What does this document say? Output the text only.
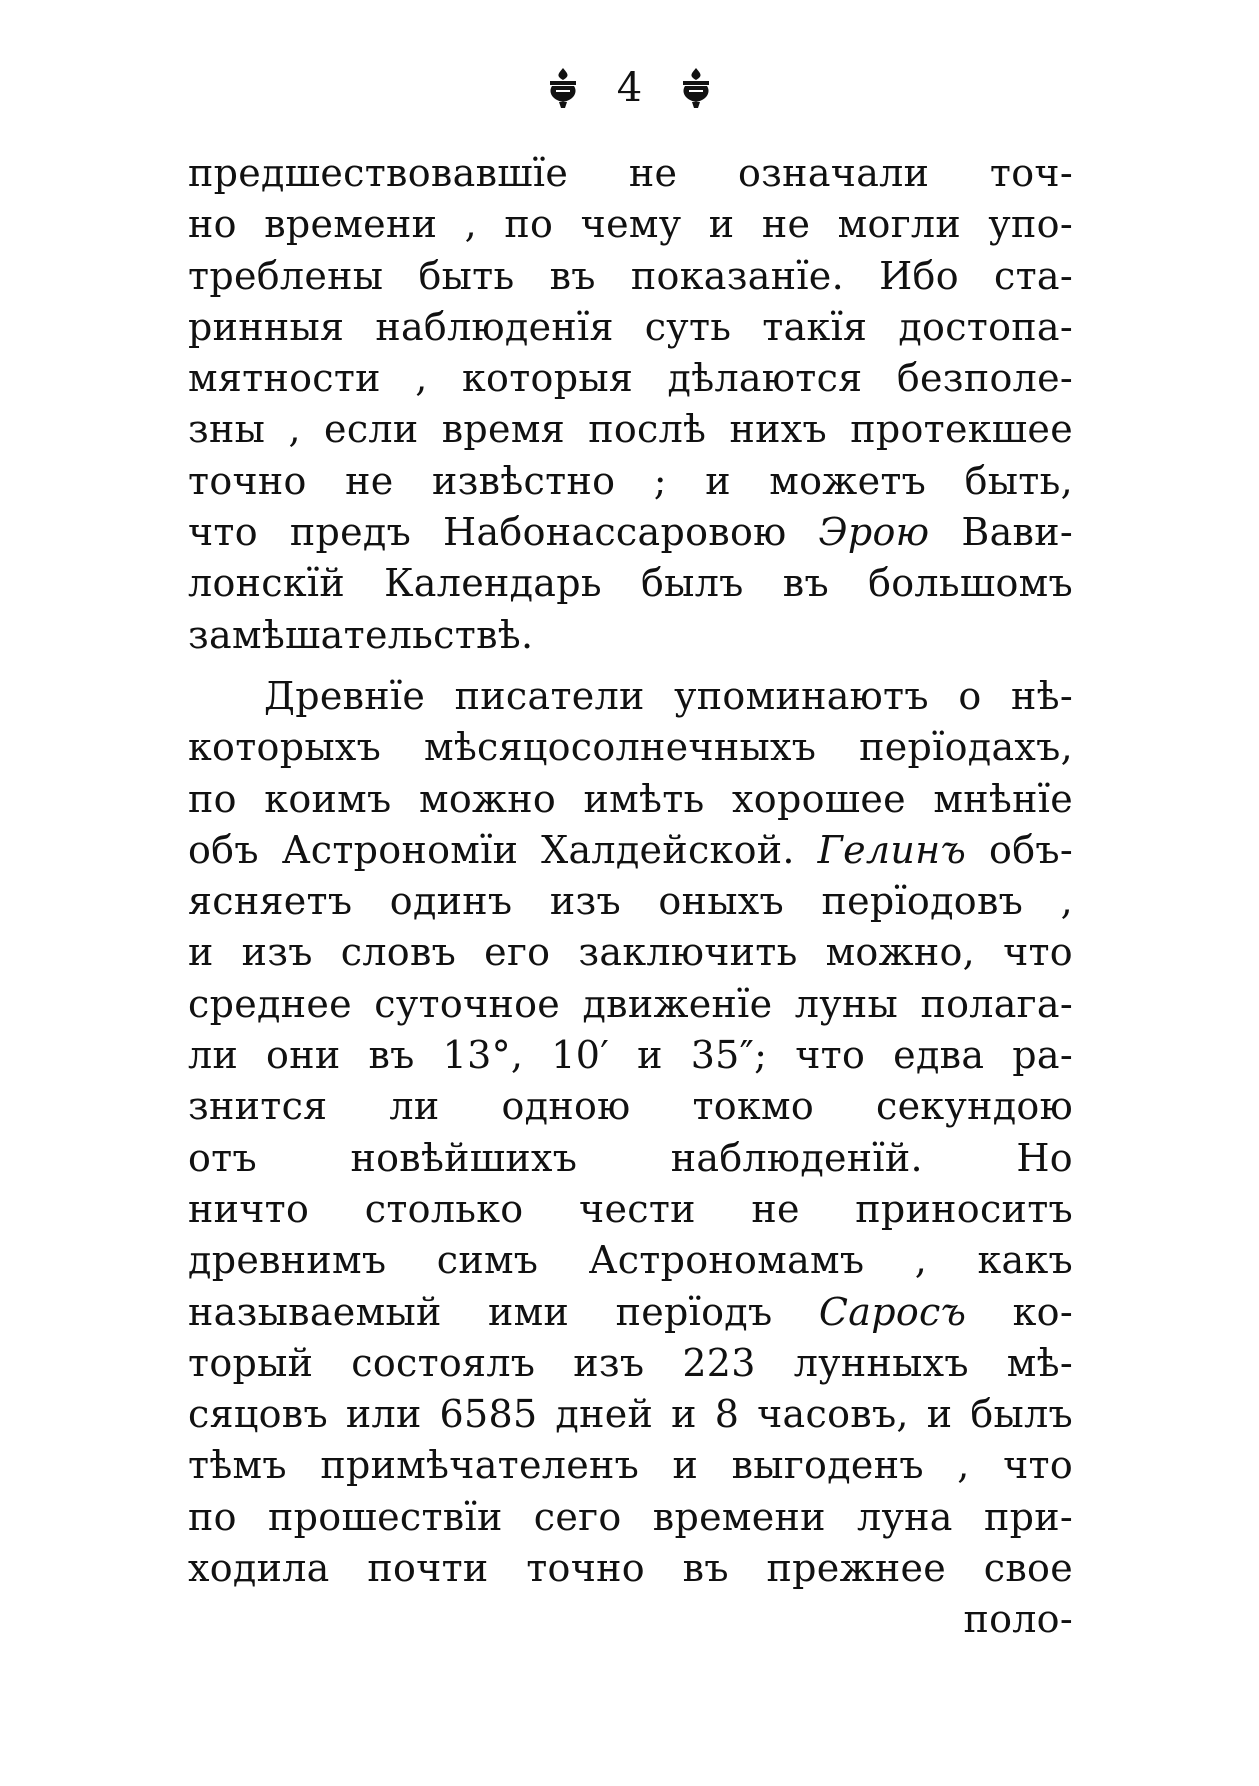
4
предшествовавшїе не означали точ-
но времени , по чему и не могли упо-
треблены быть въ показанїе. Ибо ста-
ринныя наблюденїя суть такїя достопа-
мятности , которыя дѣлаются безполе-
зны , если время послѣ нихъ протекшее
точно не извѣстно ; и можетъ быть,
что предъ Набонассаровою Эрою Вави-
лонскїй Календарь былъ въ большомъ
замѣшательствѣ.
Древнїе писатели упоминаютъ о нѣ-
которыхъ мѣсяцосолнечныхъ перїодахъ,
по коимъ можно имѣть хорошее мнѣнїе
объ Астрономїи Халдейской. Гелинъ объ-
ясняетъ одинъ изъ оныхъ перїодовъ ,
и изъ словъ его заключить можно, что
среднее суточное движенїе луны полага-
ли они въ 13°, 10′ и 35″; что едва ра-
знится ли одною токмо секундою
отъ новѣйшихъ наблюденїй. Но
ничто столько чести не приноситъ
древнимъ симъ Астрономамъ , какъ
называемый ими перїодъ Саросъ ко-
торый состоялъ изъ 223 лунныхъ мѣ-
сяцовъ или 6585 дней и 8 часовъ, и былъ
тѣмъ примѣчателенъ и выгоденъ , что
по прошествїи сего времени луна при-
ходила почти точно въ прежнее свое
поло-
